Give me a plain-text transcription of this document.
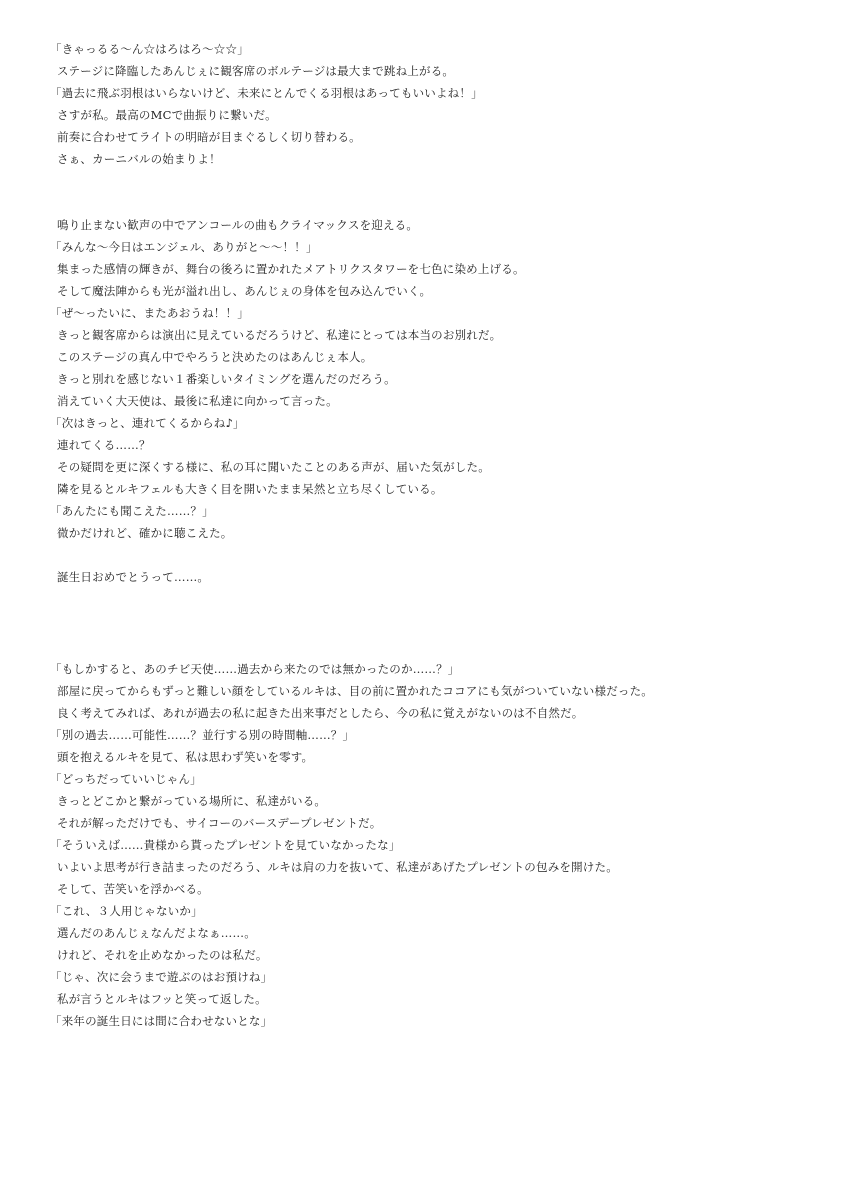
「きゃっるる〜ん☆はろはろ〜☆☆」
ステージに降臨したあんじぇに観客席のボルテージは最大まで跳ね上がる。
「過去に飛ぶ羽根はいらないけど、未来にとんでくる羽根はあってもいいよね！」
さすが私。最高のMCで曲振りに繋いだ。
前奏に合わせてライトの明暗が目まぐるしく切り替わる。
さぁ、カーニバルの始まりよ！
鳴り止まない歓声の中でアンコールの曲もクライマックスを迎える。
「みんな〜今日はエンジェル、ありがと〜〜！！」
集まった感情の輝きが、舞台の後ろに置かれたメアトリクスタワーを七色に染め上げる。
そして魔法陣からも光が溢れ出し、あんじぇの身体を包み込んでいく。
「ぜ〜ったいに、またあおうね！！」
きっと観客席からは演出に見えているだろうけど、私達にとっては本当のお別れだ。
このステージの真ん中でやろうと決めたのはあんじぇ本人。
きっと別れを感じない１番楽しいタイミングを選んだのだろう。
消えていく大天使は、最後に私達に向かって言った。
「次はきっと、連れてくるからね♪」
連れてくる……？
その疑問を更に深くする様に、私の耳に聞いたことのある声が、届いた気がした。
隣を見るとルキフェルも大きく目を開いたまま呆然と立ち尽くしている。
「あんたにも聞こえた……？」
微かだけれど、確かに聴こえた。
誕生日おめでとうって……。
「もしかすると、あのチビ天使……過去から来たのでは無かったのか……？」
部屋に戻ってからもずっと難しい顔をしているルキは、目の前に置かれたココアにも気がついていない様だった。
良く考えてみれば、あれが過去の私に起きた出来事だとしたら、今の私に覚えがないのは不自然だ。
「別の過去……可能性……？並行する別の時間軸……？」
頭を抱えるルキを見て、私は思わず笑いを零す。
「どっちだっていいじゃん」
きっとどこかと繋がっている場所に、私達がいる。
それが解っただけでも、サイコーのバースデープレゼントだ。
「そういえば……貴様から貰ったプレゼントを見ていなかったな」
いよいよ思考が行き詰まったのだろう、ルキは肩の力を抜いて、私達があげたプレゼントの包みを開けた。
そして、苦笑いを浮かべる。
「これ、３人用じゃないか」
選んだのあんじぇなんだよなぁ……。
けれど、それを止めなかったのは私だ。
「じゃ、次に会うまで遊ぶのはお預けね」
私が言うとルキはフッと笑って返した。
「来年の誕生日には間に合わせないとな」
